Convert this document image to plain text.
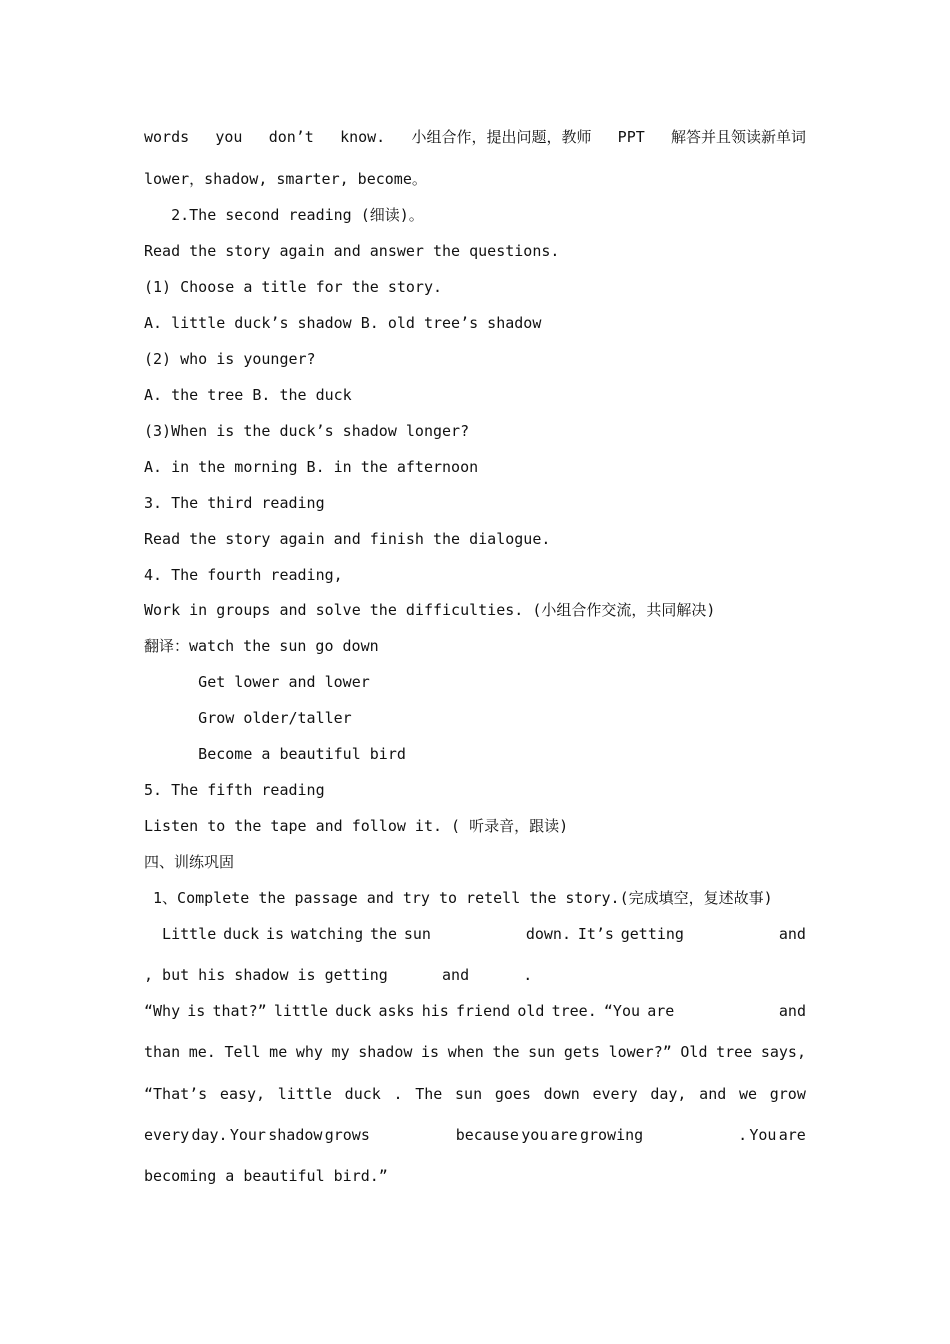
words you don’t know. 小组合作，提出问题，教师 PPT 解答并且领读新单词
lower，shadow, smarter, become。
2.The second reading (细读)。
Read the story again and answer the questions.
(1) Choose a title for the story.
A. little duck’s shadow B. old tree’s shadow
(2) who is younger?
A. the tree B. the duck
(3)When is the duck’s shadow longer?
A. in the morning B. in the afternoon
3. The third reading
Read the story again and finish the dialogue.
4. The fourth reading,
Work in groups and solve the difficulties. (小组合作交流，共同解决)
翻译：watch the sun go down
Get lower and lower
Grow older/taller
Become a beautiful bird
5. The fifth reading
Listen to the tape and follow it. ( 听录音，跟读)
四、训练巩固
1、Complete the passage and try to retell the story.(完成填空，复述故事)
Little duck is watching the sun
	down. It’s getting
	and
, but his shadow is getting      and      .
“Why is that?” little duck asks his friend old tree. “You are
	and
than me. Tell me why my shadow is when the sun gets lower?” Old tree says,
“That’s easy, little duck . The sun goes down every day, and we grow
every day. Your shadow grows
	because you are growing
	. You are
becoming a beautiful bird.”
